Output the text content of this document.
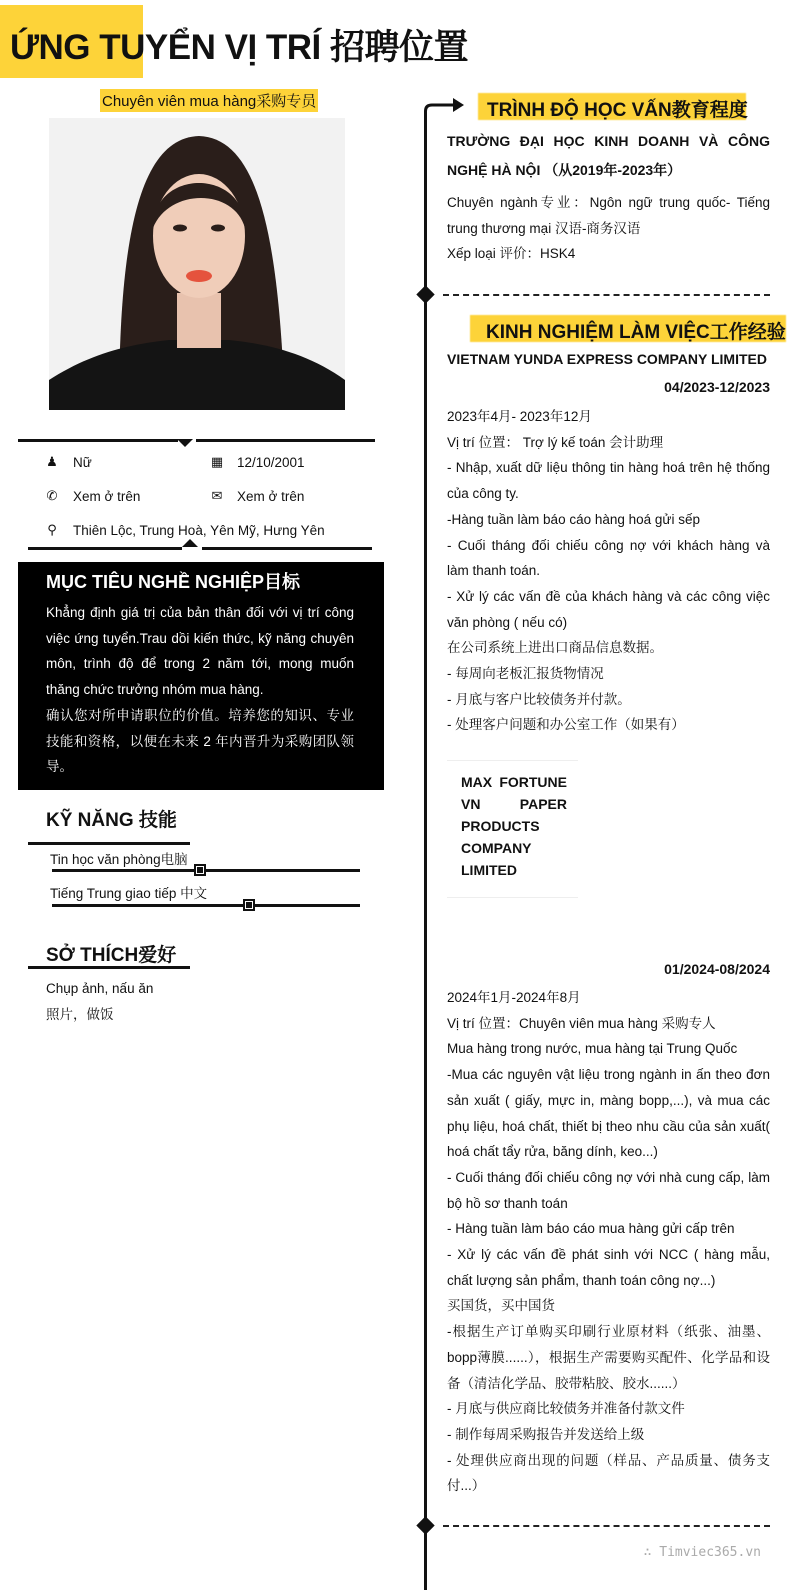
ỨNG TUYỂN VỊ TRÍ 招聘位置
Chuyên viên mua hàng采购专员
♟ Nữ	▦ 12/10/2001
✆ Xem ở trên	✉ Xem ở trên
⚲ Thiên Lộc, Trung Hoà, Yên Mỹ, Hưng Yên
MỤC TIÊU NGHỀ NGHIỆP目标
Khẳng định giá trị của bản thân đối với vị trí công việc ứng tuyển.Trau dồi kiến thức, kỹ năng chuyên môn, trình độ để trong 2 năm tới, mong muốn thăng chức trưởng nhóm mua hàng.
确认您对所申请职位的价值。培养您的知识、专业技能和资格，以便在未来 2 年内晋升为采购团队领导。
KỸ NĂNG 技能
Tin học văn phòng电脑
Tiếng Trung giao tiếp 中文
SỞ THÍCH爱好
Chụp ảnh, nấu ăn
照片，做饭
TRÌNH ĐỘ HỌC VẤN教育程度
TRƯỜNG ĐẠI HỌC KINH DOANH VÀ CÔNG NGHỆ HÀ NỘI （从2019年-2023年）
Chuyên ngành专业：Ngôn ngữ trung quốc- Tiếng trung thương mại 汉语-商务汉语
Xếp loại 评价：HSK4
KINH NGHIỆM LÀM VIỆC工作经验
VIETNAM YUNDA EXPRESS COMPANY LIMITED
04/2023-12/2023
2023年4月- 2023年12月
Vị trí 位置： Trợ lý kế toán 会计助理
- Nhập, xuất dữ liệu thông tin hàng hoá trên hệ thống của công ty.
-Hàng tuần làm báo cáo hàng hoá gửi sếp
- Cuối tháng đối chiếu công nợ với khách hàng và làm thanh toán.
- Xử lý các vấn đề của khách hàng và các công việc văn phòng ( nếu có)
在公司系统上进出口商品信息数据。
- 每周向老板汇报货物情况
- 月底与客户比较债务并付款。
- 处理客户问题和办公室工作（如果有）
MAX FORTUNE VN PAPER PRODUCTS COMPANY LIMITED
01/2024-08/2024
2024年1月-2024年8月
Vị trí 位置：Chuyên viên mua hàng 采购专人
Mua hàng trong nước, mua hàng tại Trung Quốc
-Mua các nguyên vật liệu trong ngành in ấn theo đơn sản xuất ( giấy, mực in, màng bopp,...), và mua các phụ liệu, hoá chất, thiết bị theo nhu cầu của sản xuất( hoá chất tẩy rửa, băng dính, keo...)
- Cuối tháng đối chiếu công nợ với nhà cung cấp, làm bộ hồ sơ thanh toán
- Hàng tuần làm báo cáo mua hàng gửi cấp trên
- Xử lý các vấn đề phát sinh với NCC ( hàng mẫu, chất lượng sản phẩm, thanh toán công nợ...)
买国货，买中国货
-根据生产订单购买印刷行业原材料（纸张、油墨、bopp薄膜......），根据生产需要购买配件、化学品和设备（清洁化学品、胶带粘胶、胶水......）
- 月底与供应商比较债务并准备付款文件
- 制作每周采购报告并发送给上级
- 处理供应商出现的问题（样品、产品质量、债务支付...）
∴ Timviec365.vn
